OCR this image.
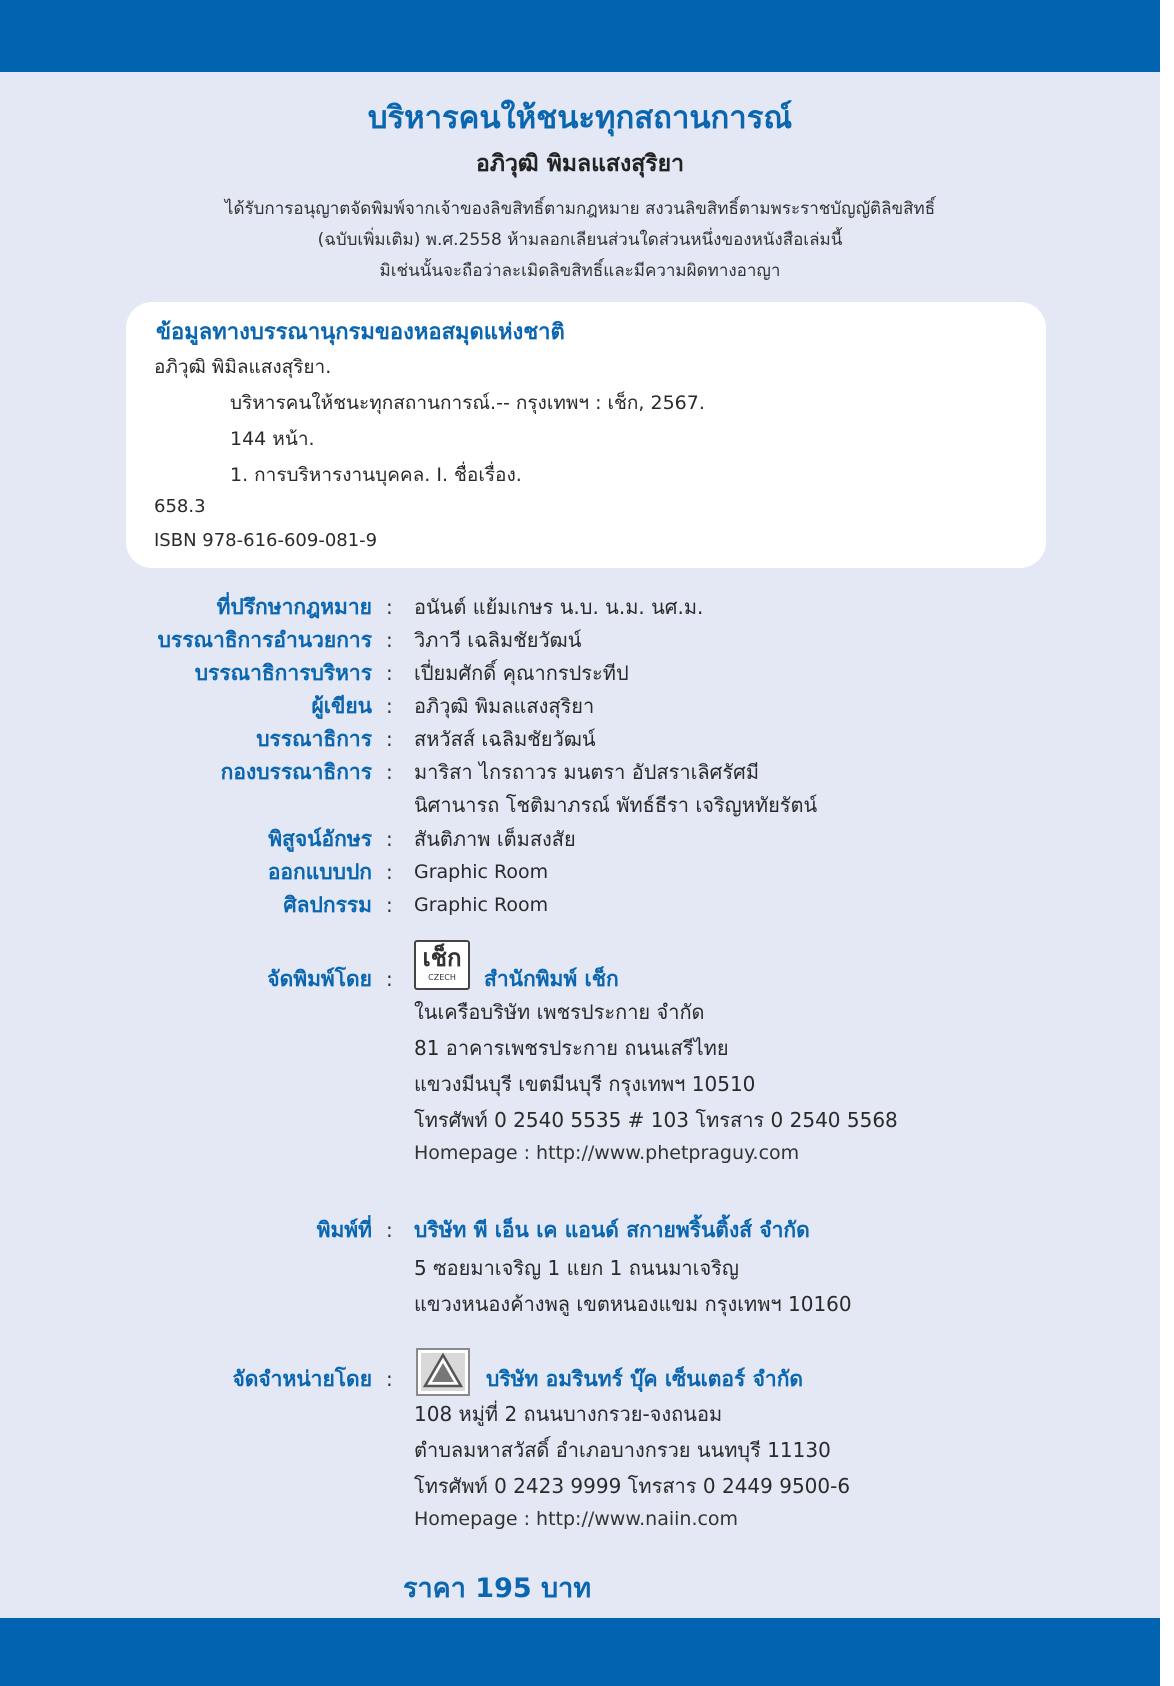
บริหารคนให้ชนะทุกสถานการณ์
อภิวุฒิ พิมลแสงสุริยา
ได้รับการอนุญาตจัดพิมพ์จากเจ้าของลิขสิทธิ์ตามกฎหมาย สงวนลิขสิทธิ์ตามพระราชบัญญัติลิขสิทธิ์
(ฉบับเพิ่มเติม) พ.ศ.2558 ห้ามลอกเลียนส่วนใดส่วนหนึ่งของหนังสือเล่มนี้
มิเช่นนั้นจะถือว่าละเมิดลิขสิทธิ์และมีความผิดทางอาญา
ข้อมูลทางบรรณานุกรมของหอสมุดแห่งชาติ
อภิวุฒิ พิมิลแสงสุริยา.
บริหารคนให้ชนะทุกสถานการณ์.-- กรุงเทพฯ : เช็ก, 2567.
144 หน้า.
1. การบริหารงานบุคคล. I. ชื่อเรื่อง.
658.3
ISBN 978-616-609-081-9
ที่ปรึกษากฎหมาย : อนันต์ แย้มเกษร น.บ. น.ม. นศ.ม.
บรรณาธิการอำนวยการ : วิภาวี เฉลิมชัยวัฒน์
บรรณาธิการบริหาร : เปี่ยมศักดิ์ คุณากรประทีป
ผู้เขียน : อภิวุฒิ พิมลแสงสุริยา
บรรณาธิการ : สหวัสส์ เฉลิมชัยวัฒน์
กองบรรณาธิการ : มาริสา ไกรถาวร มนตรา อัปสราเลิศรัศมี
นิศานารถ โชติมาภรณ์ พัทธ์ธีรา เจริญหทัยรัตน์
พิสูจน์อักษร : สันติภาพ เต็มสงสัย
ออกแบบปก : Graphic Room
ศิลปกรรม : Graphic Room
เช็ก
CZECH
จัดพิมพ์โดย :	สำนักพิมพ์ เช็ก
ในเครือบริษัท เพชรประกาย จำกัด
81 อาคารเพชรประกาย ถนนเสรีไทย
แขวงมีนบุรี เขตมีนบุรี กรุงเทพฯ 10510
โทรศัพท์ 0 2540 5535 # 103 โทรสาร 0 2540 5568
Homepage : http://www.phetpraguy.com
พิมพ์ที่ : บริษัท พี เอ็น เค แอนด์ สกายพริ้นติ้งส์ จำกัด
5 ซอยมาเจริญ 1 แยก 1 ถนนมาเจริญ
แขวงหนองค้างพลู เขตหนองแขม กรุงเทพฯ 10160
จัดจำหน่ายโดย :	บริษัท อมรินทร์ บุ๊ค เซ็นเตอร์ จำกัด
108 หมู่ที่ 2 ถนนบางกรวย-จงถนอม
ตำบลมหาสวัสดิ์ อำเภอบางกรวย นนทบุรี 11130
โทรศัพท์ 0 2423 9999 โทรสาร 0 2449 9500-6
Homepage : http://www.naiin.com
ราคา 195 บาท
